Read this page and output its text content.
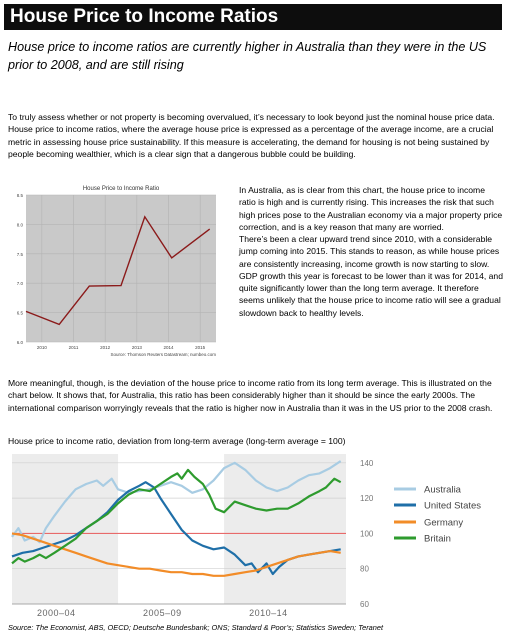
House Price to Income Ratios
House price to income ratios are currently higher in Australia than they were in the US prior to 2008, and are still rising
To truly assess whether or not property is becoming overvalued, it’s necessary to look beyond just the nominal house price data. House price to income ratios, where the average house price is expressed as a percentage of the average income, are a crucial metric in assessing house price sustainability. If this measure is accelerating, the demand for housing is not being sustained by people becoming wealthier, which is a clear sign that a dangerous bubble could be building.
House Price to Income Ratio
6.0
6.5
7.0
7.5
8.0
8.5
2010	2011	2012	2013	2014	2015
Source: Thomson Reuters Datastream; numbeo.com
In Australia, as is clear from this chart, the house price to income ratio is high and is currently rising. This increases the risk that such high prices pose to the Australian economy via a major property price correction, and is a key reason that many are worried.
There’s been a clear upward trend since 2010, with a considerable jump coming into 2015. This stands to reason, as while house prices are consistently increasing, income growth is now starting to slow. GDP growth this year is forecast to be lower than it was for 2014, and quite significantly lower than the long term average. It therefore seems unlikely that the house price to income ratio will see a gradual slowdown back to healthy levels.
More meaningful, though, is the deviation of the house price to income ratio from its long term average. This is illustrated on the chart below. It shows that, for Australia, this ratio has been considerably higher than it should be since the early 2000s. The international comparison worryingly reveals that the ratio is higher now in Australia than it was in the US prior to the 2008 crash.
House price to income ratio, deviation from long-term average (long-term average = 100)
60
80
100
120
140
2000–04	2005–09	2010–14
Australia
United States
Germany
Britain
Source: The Economist, ABS, OECD; Deutsche Bundesbank; ONS; Standard & Poor’s; Statistics Sweden; Teranet
